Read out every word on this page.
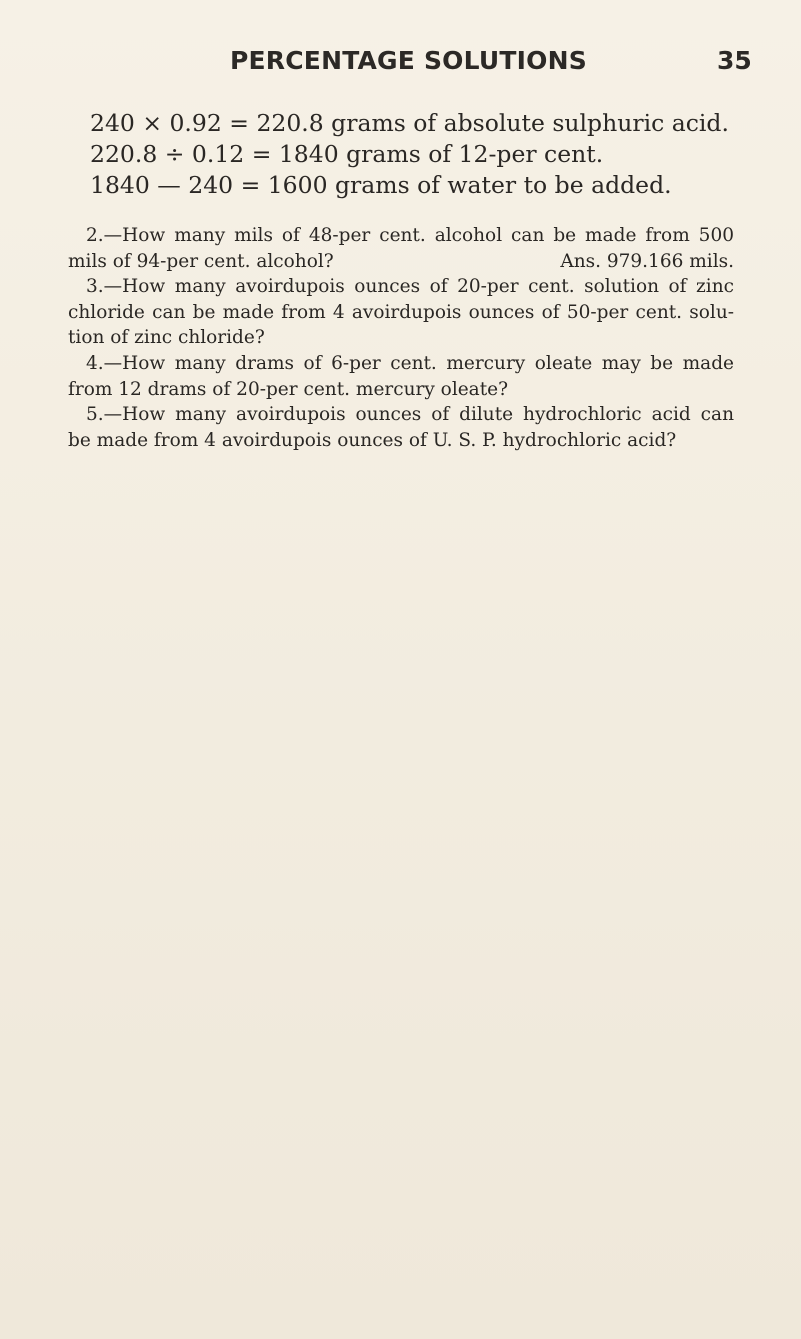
PERCENTAGE SOLUTIONS	35
240 × 0.92 = 220.8 grams of absolute sulphuric acid.
220.8 ÷ 0.12 = 1840 grams of 12-per cent.
1840 — 240 = 1600 grams of water to be added.
2.—How many mils of 48-per cent. alcohol can be made from 500
mils of 94-per cent. alcohol?	Ans. 979.166 mils.
3.—How many avoirdupois ounces of 20-per cent. solution of zinc
chloride can be made from 4 avoirdupois ounces of 50-per cent. solu-
tion of zinc chloride?
4.—How many drams of 6-per cent. mercury oleate may be made
from 12 drams of 20-per cent. mercury oleate?
5.—How many avoirdupois ounces of dilute hydrochloric acid can
be made from 4 avoirdupois ounces of U. S. P. hydrochloric acid?
